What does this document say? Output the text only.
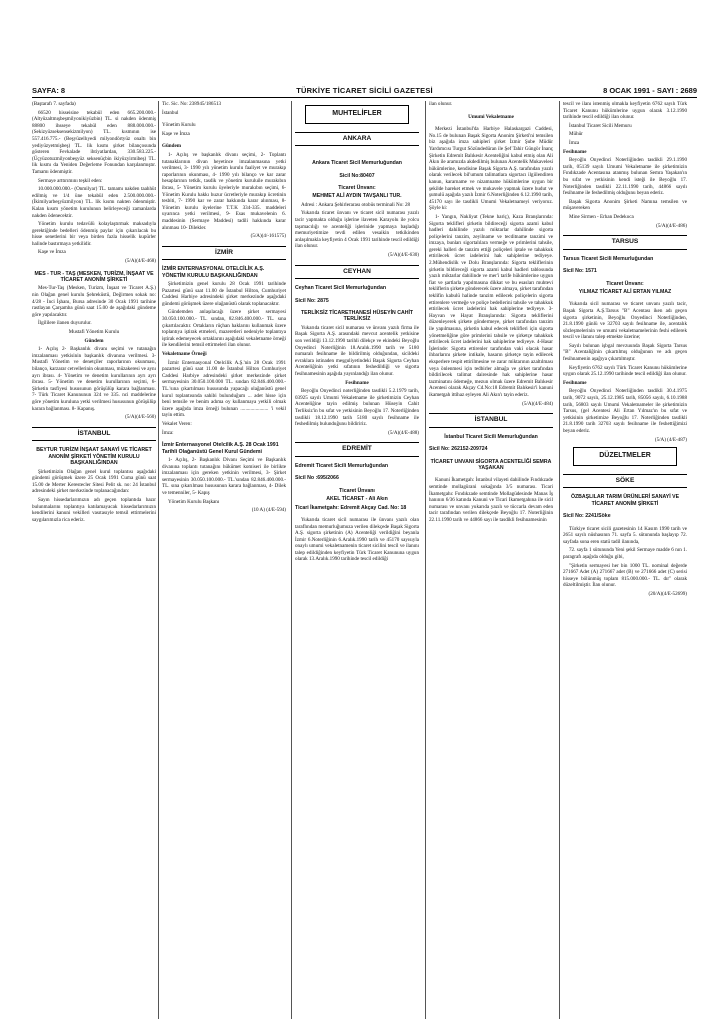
SAYFA: 8	TÜRKİYE TİCARET SİCİLİ GAZETESİ	8 OCAK 1991 - SAYI : 2689

(Baştarafı 7. sayfada)

66520 hisseisine tekabül eden 665.200.000.- (Altyüzaltmışbeşmilyonikiyüzbin) TL. si nakden ödenmiş 88800 ihsseye tekabül eden 888.000.000.- (Sekizyüzseksensekizmilyon) TL. kısmının ise 557.416.775.- (Beşyüzellıyedi milyondörtyüz onaltı bin yediyüzyetmişbeş) TL. lik kısmı şirket bilançosunda gösteren Fevkalade ihtiyatlardan, 330.583.225.- (Üçyüzotuzmilyonbeşyüz seksenüçbin ikiyüzyirmibeş) TL. lik kısmı da Yeniden Değerleme Fonundan karşılanmıştır. Tamamı ödenmiştir.

Sermaye arttırımını teşkil eden:

10.000.000.000.- (Onmilyar) TL. tamamı nakden taahhüt edilmiş ve 1/4 üne tekabül eden 2.500.000.000.- (İkimilyarbeşyüzmilyon) TL. lik kısmı nakten ödenmiştir. Kalan kısım yönetim kurulunun belirleyeceği zamanlarda nakden ödenecektir.

Yönetim kurulu tedavülü kolaylaştırmak maksadıyla gerektiğinde bedelleri ödenmiş paylar için çıkarılacak bu hisse senetlerini bir veya birden fazla hisselik kupürler halinde bastırmaya yetkilidir.

Kaşe ve İmza

(5/A)(4/E-468)

MES - TUR - TAŞ (MESKEN, TURİZM, İNŞAAT VE TİCARET ANONİM ŞİRKETİ

Mes-Tur-Taş (Mesken, Turizm, İnşaat ve Ticaret A.Ş.) nin Olağan genel kurulu Şehreküstü, Değirmen sokak no: 4/28 - İnci İşhanı, Bursa adresinde 30 Ocak 1991 tarihine rastlayan Çarşamba günü saat 15.00 de aşağıdaki gündeme göre yapılacaktır.

İlgililere ilanen duyurulur.

Mustafi Yönetim Kurulu

Gündem

1- Açılış 2- Başkanlık divanı seçimi ve tutanağın imzalanması yetkisinin başkanlık divanına verilmesi. 3- Mustafi Yönetim ve denetçiler raporlarının okunması, bilanço, karzarar cetvellerinin okunması, müzakeresi ve aynı ayrı ibrası. 4- Yönetim ve denetim kurullarının ayrı ayrı ibrası. 5- Yönetim ve denetim kurullarının seçimi, 6- Şirketin tasfiyesi hususunun görüşülüp karara bağlanması. 7- Türk Ticaret Kanununun 324 ve 335. nci maddelerine göre yönetim kuruluna yetki verilmesi hususunun görüşülüp karara bağlanması. 8- Kapanış.

(5/A)(4/E-560)

İSTANBUL

BEYTUR TURİZM İNŞAAT SANAYİ VE TİCARET ANONİM ŞİRKETİ YÖNETİM KURULU BAŞKANLIĞINDAN

Şirketimizin Olağan genel kurul toplantısı aşağıdaki gündemi görüşmek üzere 25 Ocak 1991 Cuma günü saat 15.00 de Merter Kerestecler Sitesi Pelit sk. no: 24 İstanbul adresindeki şirket merkezinde toplanacağından:

Sayın hissedarlarımızın adı geçen toplantıda hazır bulunmalarını toplantıya katılamayacak hissedarlarımızın kendilerini kanuni vekilleri vasıtasıyle temsil ettirmelerini saygılarımızla rica ederiz.

Tic. Sic. No: 238945/186513

İstanbul

Yönetim Kurulu

Kaşe ve İmza

Gündem

1- Açılış ve başkanlık divanı seçimi, 2- Toplantı tutanaklarının divan heyetince imzalanmasına yetki verilmesi, 3- 1990 yılı yönetim kurulu faaliyet ve murakıp raporlarının okunması, 4- 1990 yılı bilanço ve kar zarar hesaplarının tetkik, tasdik ve yönetim kuruluile murakıbın ibrası, 5- Yönetim kurulu üyeleriyle murakıbın seçimi, 6- Yönetim Kurulu hakkı huzur ücretleriyle murakıp ücretinin tesbiti, 7- 1990 kar ve zarar hakkında karar alınması, 8- Yönetim kurulu üyelerine T.T.K 334-335. maddeleri uyarınca yetki verilmesi, 9- Esas mukavelenin 6. maddesinin (Sermaye Maddesi) tadili hakkında karar alınması 10- Dilekler.

(5/A)(4/-161575)

İZMİR

İZMİR ENTERNASYONAL OTELCİLİK A.Ş. YÖNETİM KURULU BAŞKANLIĞINDAN

Şirketimizin genel kurulu 28 Ocak 1991 tarihinde Pazartesi günü saat 11.00 de İstanbul Hilton, Cumhuriyet Caddesi Harbiye adresindeki şirket merkezinde aşağıdaki gündemi görüşmek üzere olağanüstü olarak toplanacaktır.

Gündemden anlaşılacağı üzere şirket sermayesi 30.050.100.000.- TL. sından, 82.846.400.000.- TL. sına çıkartılacaktır. Ortakların rüçhan haklarını kullanmak üzere toplantıya iştirak etmeleri, mazeretleri nedeniyle toplantıya iştirak edemeyecek ortaklarını aşağıdaki vekaletname örneği ile kendilerini temsil ettirmeleri ilan olunur.

Vekaletname Örneği

İzmir Enternasyonal Otelcilik A.Ş.'nin 28 Ocak 1991 pazartesi günü saat 11.00 de İstanbul Hilton Cumhuriyet Caddesi Harbiye adresindeki şirket merkezinde şirket sermayesinin 30.050.100.000 TL. sından 82.846.400.000.- TL.'sına çıkartılması hususunda yapacağı olağanüstü genel kurul toplantısında sahibi bulunduğum ... adet hisse için beni temsile ve benim adıma oy kullanmaya yetkili olmak üzere aşağıda imza örneği bulunan ...................... 'i vekil tayin ettim.

Vekalet Veren:

İmza:

İzmir Enternasyonel Otelcilik A.Ş. 28 Ocak 1991 Tarihli Olağanüstü Genel Kurul Gündemi

1- Açılış, 2- Başkanlık Divanı Seçimi ve Başkanlık divanına toplantı tutanağını hükümet komiseri ile birlikte imzalanması için gereken yetkinin verilmesi, 3- Şirket sermayesinin 30.050.100.000.- TL.'sından 82.846.400.000.- TL. sına çıkarılması hususunun karara bağlanması, 4- Dilek ve temenniler, 5- Kapış

Yönetim Kurulu Başkanı

(10 A) (4/E-594)

MUHTELİFLER
ANKARA

Ankara Ticaret Sicil Memurluğundan

Sicil No:80407

Ticaret Ünvanı:

MEHMET ALİ AYDIN TAVŞANLI TUR.

Adresi : Ankara Şehirlerarası otobüs terminali No: 28

Yukarıda ticaret ünvanı ve ticaret sicil numarası yazılı tacir yapmakta olduğu işlerine ilaveten Karayolu ile yolcu taşımacılığı ve acenteliği işlerinide yapmaya başladığı memuriyetimize tevdi edilen vesaikin tetkikinden anlaşılmakla keyfiyetin 4 Ocak 1991 tarihinde tescil edildiği ilan olunur.

(5/A)(4/E-630)

CEYHAN

Ceyhan Ticaret Sicil Memurluğundan

Sicil No: 2875

TERLİKSİZ TİCARETHANESİ HÜSEYİN CAHİT TERLİKSİZ

Yukarıda ticaret sicil numarası ve ünvanı yazılı firma ile Başak Sigorta A.Ş. arasındaki mevcut acentelik yetkisine son verildiği 13.12.1990 tarihli dilekçe ve ekindeki Beyoğlu Onyedinci Noterliğinin 18.Aralık.1990 tarih ve 5180 numaralı fesihname ile bildirilmiş olduğundan, sicildeki evraklara istinaden meşguliyetindeki Başak Sigorta Ceyhan Acenteliğinin yetki sıfatının feshedildiği ve sigorta fesihnamesinin aşağıda yayınlandığı ilan olunur.

Fesihname

Beyoğlu Onyedinci noterliğinden tasdikli 5.2.1979 tarih, 03925 sayılı Umumi Vekaletname ile şirketimizin Ceyhan Acenteliğine tayin edilmiş bulunan Hüseyin Cahit Terliksiz'in bu sıfat ve yetkisinin Beyoğlu 17. Noterliğinden tasdikli 18.12.1990 tarih 5180 sayılı fesihname ile feshedilmiş bulunduğunu bildiririz.

(5/A)(4/E-488)

EDREMİT

Edremit Ticaret Sicili Memurluğundan

Sicil No :695/2066

Ticaret Ünvanı

AKEL TİCARET - Ali Akın

Ticari İkametgahı: Edremit Akçay Cad. No: 18

Yukarıda ticaret sicil numarası ile ünvanı yazılı olan taraflından memurluğumuza verilen dilekçede Başak Sigorta A.Ş. sigorta şirketinin (A) Acenteliği verildiğini beyanla İzmir 6.Noterliğinin 6.Aralık.1990 tarih ve 45170 sayısıyla onaylı umumi vekaletnamenin ticaret sicilini tescil ve ilanını talep edildiğinden keyfiyetin Türk Ticaret Kanununa uygun olarak 13.Aralık.1990 tarihinde tescil edildiği

ilan olunur.

Umumi Vekaletname

Merkezi İstanbul'da Harbiye Halaskargazi Caddesi, No.15 de bulunan Başak Sigorta Anonim Şirketi'ni temsilen biz aşağıda imza sahipleri şirket İzmir Şube Müdür Yardımcısı Turgut Sözündedüran ile Şef Tahir Güngör İnanç Şirketin Edremit Balıkesir Acenteliğini kabul etmiş olan Ali Akın ile aramızda akdedilmiş bulunan Acentelik Mukavelesi hükümlerine, kendisine Başak Sigorta A.Ş. tarafından yazılı olarak verilecek bil'umum talimatlara sigortacı ilgiilendiren kanun, kararname ve nizamname hükümlerine uygun bir şekilde hareket etmek ve mukavele yapmak üzere hudut ve şumulü aşağıda yazılı İzmir 6.Noterliğinden 6.12.1990 tarih, 45170 sayı ile tasdikli Umumi Vekaletnameyi veriyoruz. Şöyle ki:

1- Yangın, Nakliyat (Tekne hariç), Kaza Branşlarında: Sigorta teklifleri şirketin bildireceği sigorta azami kabul hadleri dahilinde yazılı miktarlar dahilinde sigorta poliçelerini tanzim, zeyilname ve tecditname tanzimi ve imzaya, bunları sigortalılara vermeğe ve primlerini tahsile, gereki halleri de tanzim ettiği poliçeleri iptale ve tahakkuk ettirilecek ücret iadelerini hak sahiplerine tediyeye. 2.Mühendislik ve Dolu Branşlarında: Sigorta tekliflerinin şirketin bildireceği sigorta azami kabul hadleri tablosunda yazılı miktarlar dahilinde ve mer'i tarife hükümlerine uygun fiat ve şartlarla yapılmasına dikkat ve bu esasları muhtevi tekliflerin şirkete gönderecek üzere almaya, şirket tarafından teklifin kabulü halinde tanzim edilecek poliçelerin sigorta ettirenlere vermeğe ve poliçe bedellerini tahsile ve tahakkuk ettirilecek ücret iadelerini hak sahiplerine tediyeye. 3-Hayvan ve Hayat Branşlarında: Sigorta tekliflerini düzenleyerek şirkete göndermeye, şirket tarafından tanzim ile yapılmasına, şirketin kabul edecek teklifleri için sigorta yönetmeliğine göre primlerini tahsile ve şirketçe tahakkuk ettirilecek ücret iadelerini hak sahiplerine tediyeye. 4-Hasar İşlerinde: Sigorta ettirenler tarafından vaki olacak hasar ihbarlarını şirkete intikale, hasarın şirketçe tayin edilecek eksperlere tespit ettirilmesine ve zarar miktarının azaltılması veya önlenmesi için tedbirler almağa ve şirket tarafından bildirilecek talimat dairesinde hak sahiplerine hasar tazminatını ödemeğe, mezun olmak üzere Edremit Balıkesir Acentesi olarak Akçay Cd.No:18 Edremit Balıkesir'i kanuni ikametgah ittihaz eyleyen Ali Akın'ı tayin ederiz.

(5/A)(4/E-484)

İSTANBUL

İstanbul Ticaret Sicili Memurluğundan

Sicil No: 262152-209724

TİCARET UNVANI SİGORTA ACENTELİĞİ SEMRA YAŞAKAN

Kanuni İkametgah: İstanbul vilayeti dahilinde Fındıkzade semtinde mollagürani sokağında 3/5 numarası. Ticari İkametgahı: Fındıkzade semtinde Mollagüdesinde Manas İş hanının 6/36 katında Kanuni ve Ticari Ikametgahına ile sicil numarası ve unvanı yukarıda yazılı ve tüccarla devam eden tacir tarafından verilen dilekçede Beyoğlu 17. Noterliğinin 22.11.1990 tarih ve 44866 sayı ile tasdikli fesihnamesinin

tescil ve ilanı istenmiş olmakla keyfiyetin 6762 sayılı Türk Ticaret Kanunu hükümlerine uygun olarak 3.12.1990 tarihinde tescil edildiği ilan olunur.

İstanbul Ticaret Sicili Memuru

Mühür

İmza

Fesihname

Beyoğlu Onyedinci Noterliğinden tasdikli 29.1.1990 tarih, 05139 sayılı Umumi Vekaletname ile şirketimizin Fındıkzade Acentasına atanmış bulunan Semra Yaşakan'ın bu sıfat ve yetkisinin kendi isteği ile Beyoğlu 17. Noterliğinden tasdikli 22.11.1990 tarih, 44866 sayılı fesihname ile feshedilmiş olduğunu beyan ederiz.

Başak Sigorta Anonim Şirketi Namına temsilen ve müşavereken

Mine Sirmen - Erhan Dedekoca

(5/A)(4/E-486)

TARSUS

Tarsus Ticaret Sicili Memurluğundan

Sicil No: 1571

Ticaret Ünvanı:

YILMAZ TİCARET ALİ ERTAN YILMAZ

Yukarıda sicil numarası ve ticaret unvanı yazılı tacir, Başak Sigorta A.Ş.Tarsus "B" Acentası iken adı geçen sigorta şirketinin, Beyoğlu Onyedinci Noterliğinden, 21.8.1990 günlü ve 32703 sayılı fesihname ile, acentalık sözleşmelerinin ve umumi vekaletnamelerinin feshi edilerek tescil ve ilanını talep etmekte üzerine;

Sayılı bulunan işbgal mevzuunda Başak Sigorta Tarsus "B" Acentaliğinin çıkartılmış olduğunun ve adı geçen fesihnamenin aşağıya çıkartılmıştır.

Keyfiyetin 6762 sayılı Türk Ticaret Kanunu hükümlerine uygun olarak 25.12.1990 tarihinde tescil edildiği ilan olunur.

Fesihname

Beyoğlu Onyedinci Noterliğinden tasdikli 30.4.1975 tarih, 9072 sayılı, 25.12.1985 tarih, 85056 sayılı, 6.10.1988 tarih, 56803 sayılı Umumi Vekaletnameler ile şirketimizin Tarsus, (gel Acentesi Ali Ertan Yılmaz'ın bu sıfat ve yetkisinin şirketimize Beyoğlu 17. Noterliğinden tasdikli 21.8.1990 tarih 32703 sayılı fesihname ile feshettiğimizi beyan ederiz.

(5/A) (4/E-487)

DÜZELTMELER
SÖKE

ÖZBAŞLILAR TARIM ÜRÜNLERİ SANAYİ VE TİCARET ANONİM ŞİRKETİ

Sicil No: 2241/Söke

Türkiye ticaret sicili gazetesinin 14 Kasım 1990 tarih ve 2651 sayılı nüshasının 71. sayfa 5. sütununda başlayıp 72. sayfada sona eren statü tadil ilanında,

72. sayfa 1 sütununda Yeni şekil Sermaye madde 6 nın 1. paragrafı aşağıda olduğu gibi,

"Şirketin sermayesi her bin 1000 TL. nominal değerde 271667 Adet (A) 271667 adet (B) ve 271666 adet (C) serisi hisseye bölünmüş toplam 815.000.000.- TL. dır" olarak düzeltilmiştir. İlan olunur.

(20/A)(4/E-52699)
